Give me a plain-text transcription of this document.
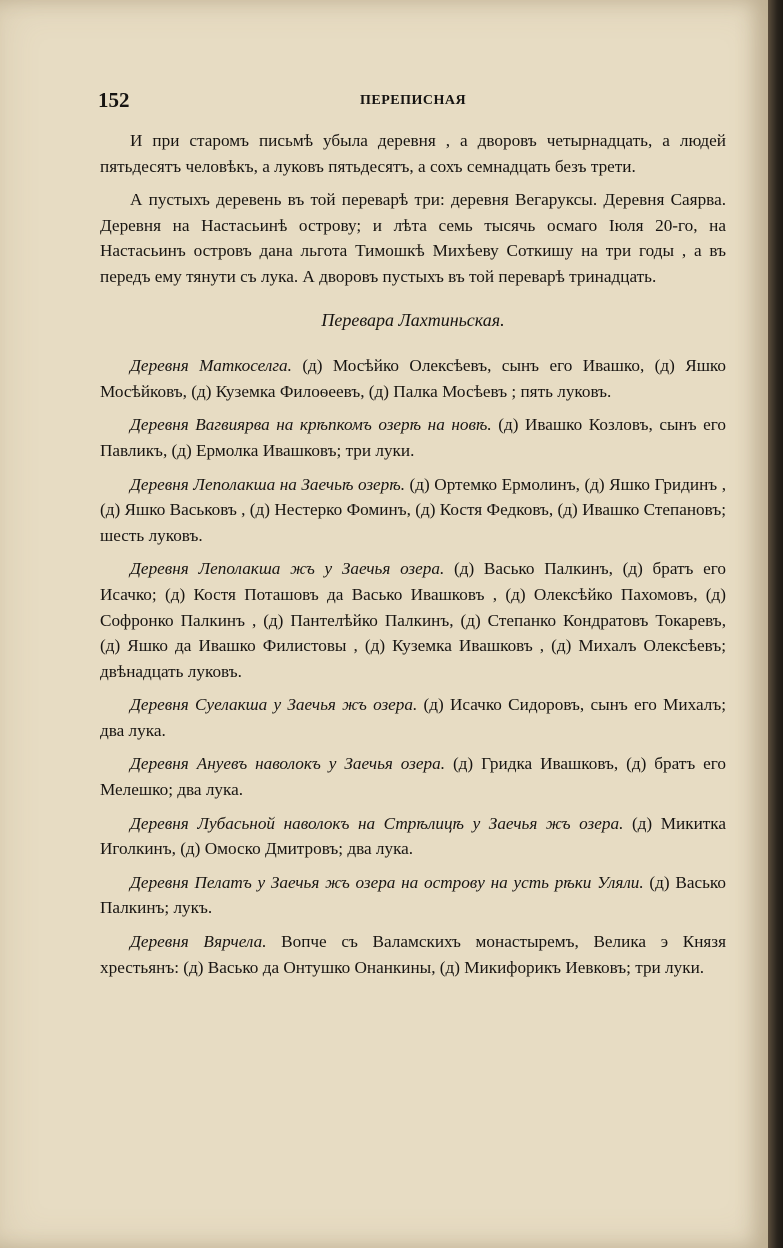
152	ПЕРЕПИСНАЯ

И при старомъ письмѣ убыла деревня , а дворовъ четырнадцать, а людей пятьдесятъ человѣкъ, а луковъ пятьдесятъ, а сохъ семнадцать безъ трети.

А пустыхъ деревень въ той переварѣ три: деревня Вегаруксы. Деревня Саярва. Деревня на Настасьинѣ острову; и лѣта семь тысячь осмаго Іюля 20-го, на Настасьинъ островъ дана льгота Тимошкѣ Михѣеву Соткишу на три годы , а въ передъ ему тянути съ лука. А дворовъ пустыхъ въ той переварѣ тринадцать.

Перевара Лахтиньская.

Деревня Маткоселга. (д) Мосѣйко Олексѣевъ, сынъ его Ивашко, (д) Яшко Мосѣйковъ, (д) Куземка Филоѳеевъ, (д) Палка Мосѣевъ ; пять луковъ.

Деревня Вагвиярва на крѣпкомъ озерѣ на новѣ. (д) Ивашко Козловъ, сынъ его Павликъ, (д) Ермолка Ивашковъ; три луки.

Деревня Леполакша на Заечьѣ озерѣ. (д) Ортемко Ермолинъ, (д) Яшко Гридинъ , (д) Яшко Васьковъ , (д) Нестерко Фоминъ, (д) Костя Федковъ, (д) Ивашко Степановъ; шесть луковъ.

Деревня Леполакша жъ у Заечья озера. (д) Васько Палкинъ, (д) братъ его Исачко; (д) Костя Поташовъ да Васько Ивашковъ , (д) Олексѣйко Пахомовъ, (д) Софронко Палкинъ , (д) Пантелѣйко Палкинъ, (д) Степанко Кондратовъ Токаревъ, (д) Яшко да Ивашко Филистовы , (д) Куземка Ивашковъ , (д) Михалъ Олексѣевъ; двѣнадцать луковъ.

Деревня Суелакша у Заечья жъ озера. (д) Исачко Сидоровъ, сынъ его Михалъ; два лука.

Деревня Ануевъ наволокъ у Заечья озера. (д) Гридка Ивашковъ, (д) братъ его Мелешко; два лука.

Деревня Лубасьной наволокъ на Стрѣлицѣ у Заечья жъ озера. (д) Микитка Иголкинъ, (д) Омоско Дмитровъ; два лука.

Деревня Пелатъ у Заечья жъ озера на острову на усть рѣки Уляли. (д) Васько Палкинъ; лукъ.

Деревня Вярчела. Вопче съ Валамскихъ монастыремъ, Велика э Князя хрестьянъ: (д) Васько да Онтушко Онанкины, (д) Микифорикъ Иевковъ; три луки.
